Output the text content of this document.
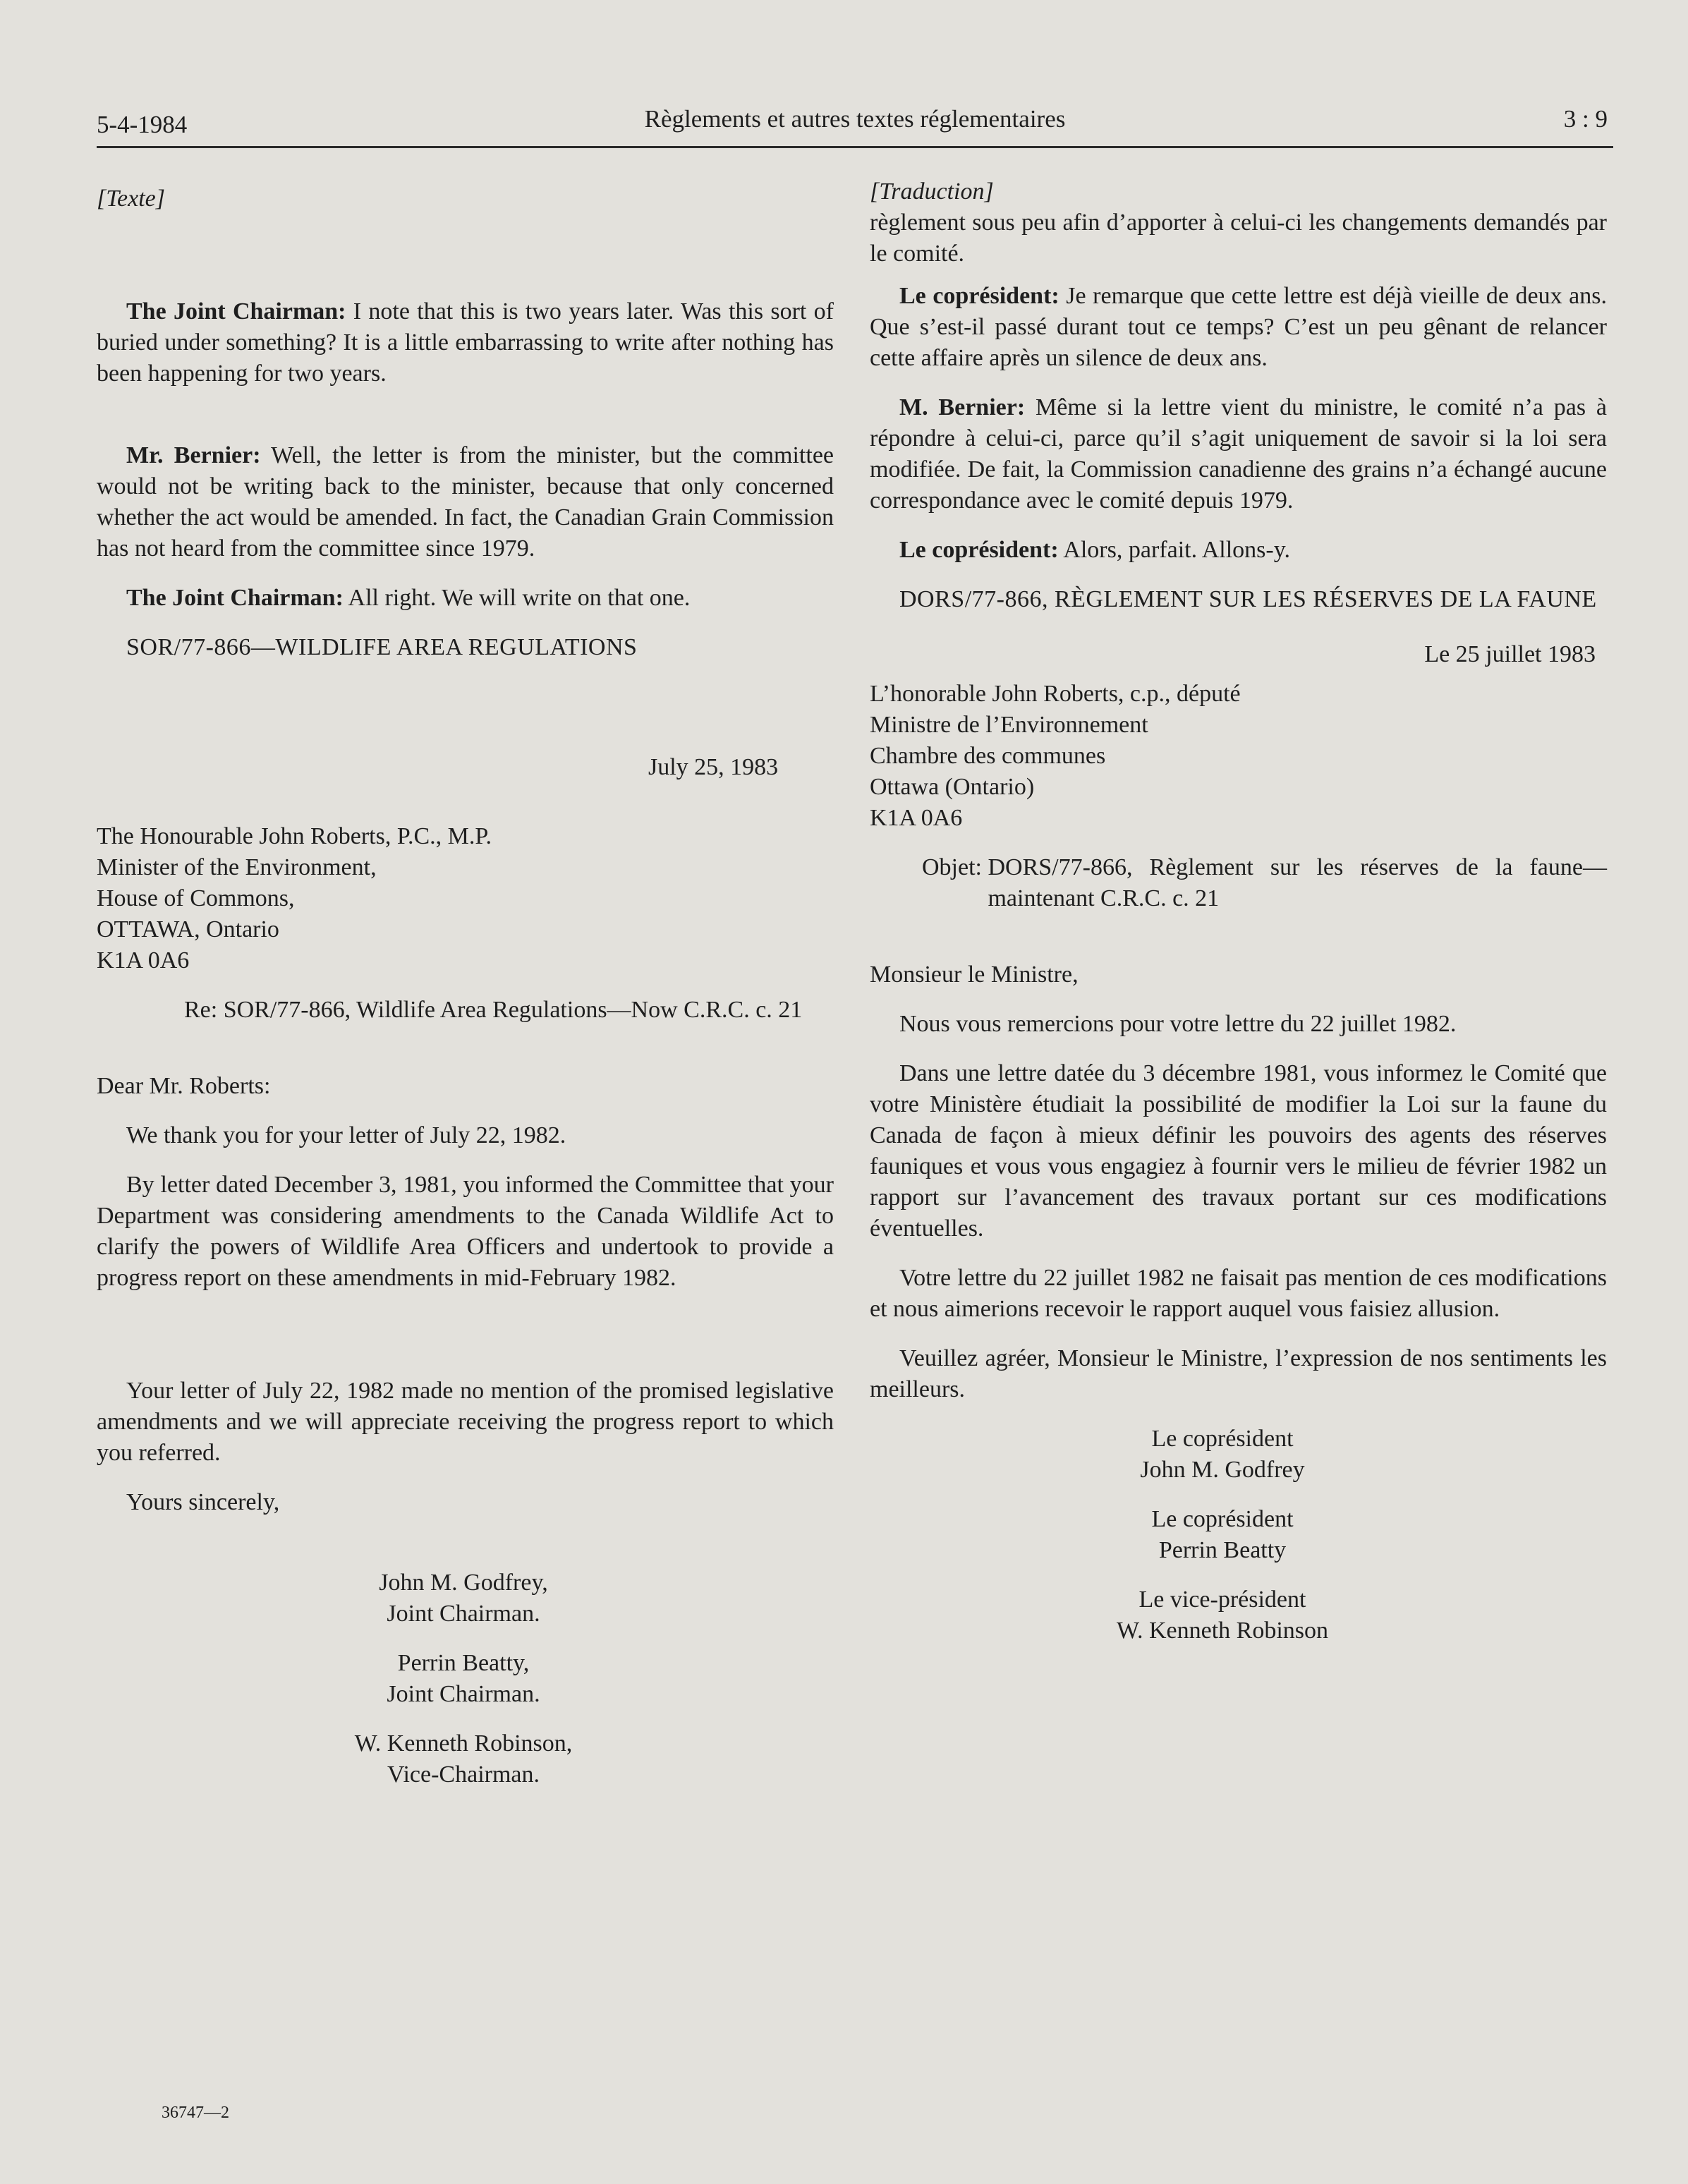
5-4-1984	Règlements et autres textes réglementaires	3 : 9

[Texte]

The Joint Chairman: I note that this is two years later. Was this sort of buried under something? It is a little embarrassing to write after nothing has been happening for two years.

Mr. Bernier: Well, the letter is from the minister, but the committee would not be writing back to the minister, because that only concerned whether the act would be amended. In fact, the Canadian Grain Commission has not heard from the committee since 1979.

The Joint Chairman: All right. We will write on that one.

SOR/77-866—WILDLIFE AREA REGULATIONS

July 25, 1983

The Honourable John Roberts, P.C., M.P.
Minister of the Environment,
House of Commons,
OTTAWA, Ontario
K1A 0A6
Re: SOR/77-866, Wildlife Area Regulations—Now C.R.C. c. 21

Dear Mr. Roberts:

We thank you for your letter of July 22, 1982.

By letter dated December 3, 1981, you informed the Committee that your Department was considering amendments to the Canada Wildlife Act to clarify the powers of Wildlife Area Officers and undertook to provide a progress report on these amendments in mid-February 1982.

Your letter of July 22, 1982 made no mention of the promised legislative amendments and we will appreciate receiving the progress report to which you referred.

Yours sincerely,

John M. Godfrey,
Joint Chairman.
Perrin Beatty,
Joint Chairman.
W. Kenneth Robinson,
Vice-Chairman.

[Traduction]

règlement sous peu afin d’apporter à celui-ci les changements demandés par le comité.

Le coprésident: Je remarque que cette lettre est déjà vieille de deux ans. Que s’est-il passé durant tout ce temps? C’est un peu gênant de relancer cette affaire après un silence de deux ans.

M. Bernier: Même si la lettre vient du ministre, le comité n’a pas à répondre à celui-ci, parce qu’il s’agit uniquement de savoir si la loi sera modifiée. De fait, la Commission canadienne des grains n’a échangé aucune correspondance avec le comité depuis 1979.

Le coprésident: Alors, parfait. Allons-y.

DORS/77-866, RÈGLEMENT SUR LES RÉSERVES DE LA FAUNE

Le 25 juillet 1983

L’honorable John Roberts, c.p., député
Ministre de l’Environnement
Chambre des communes
Ottawa (Ontario)
K1A 0A6
Objet: DORS/77-866, Règlement sur les réserves de la faune—maintenant C.R.C. c. 21

Monsieur le Ministre,

Nous vous remercions pour votre lettre du 22 juillet 1982.

Dans une lettre datée du 3 décembre 1981, vous informez le Comité que votre Ministère étudiait la possibilité de modifier la Loi sur la faune du Canada de façon à mieux définir les pouvoirs des agents des réserves fauniques et vous vous engagiez à fournir vers le milieu de février 1982 un rapport sur l’avancement des travaux portant sur ces modifications éventuelles.

Votre lettre du 22 juillet 1982 ne faisait pas mention de ces modifications et nous aimerions recevoir le rapport auquel vous faisiez allusion.

Veuillez agréer, Monsieur le Ministre, l’expression de nos sentiments les meilleurs.

Le coprésident
John M. Godfrey
Le coprésident
Perrin Beatty
Le vice-président
W. Kenneth Robinson
36747—2
